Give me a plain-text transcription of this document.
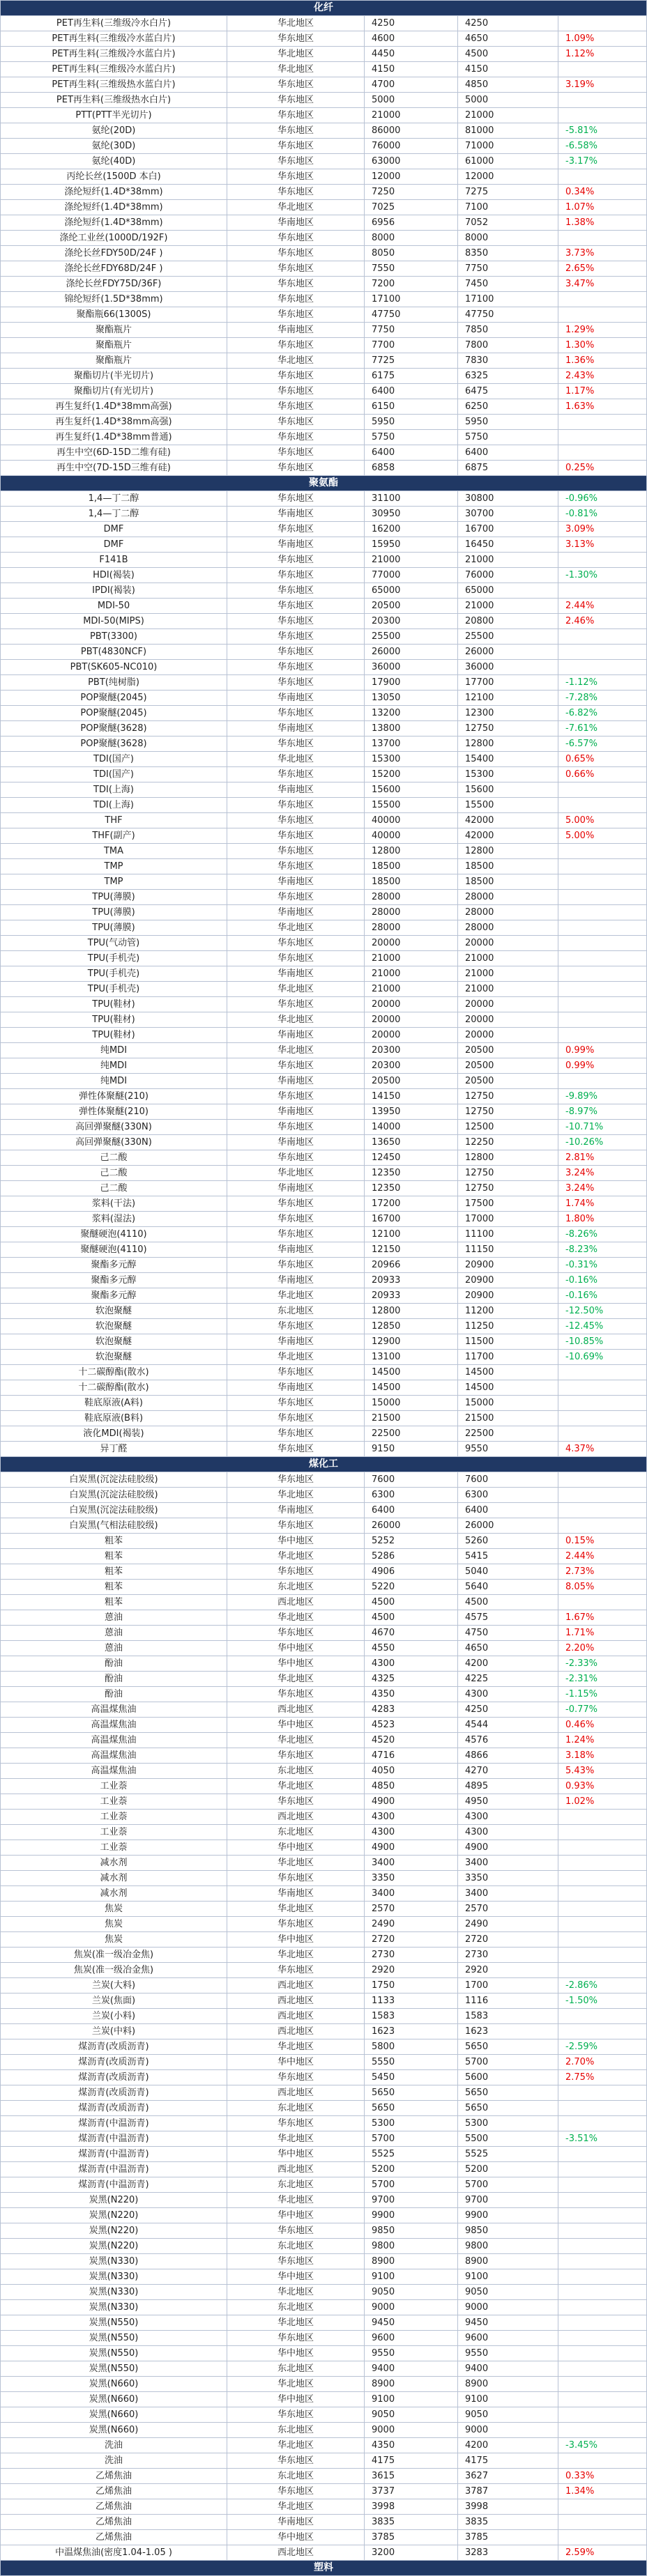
化纤				
PET再生料(三维级冷水白片)	华北地区	4250	4250	
PET再生料(三维级冷水蓝白片)	华东地区	4600	4650	1.09%
PET再生料(三维级冷水蓝白片)	华北地区	4450	4500	1.12%
PET再生料(三维级冷水蓝白片)	华北地区	4150	4150	
PET再生料(三维级热水蓝白片)	华东地区	4700	4850	3.19%
PET再生料(三维级热水白片)	华东地区	5000	5000	
PTT(PTT半光切片)	华东地区	21000	21000	
氨纶(20D)	华东地区	86000	81000	-5.81%
氨纶(30D)	华东地区	76000	71000	-6.58%
氨纶(40D)	华东地区	63000	61000	-3.17%
丙纶长丝(1500D 本白)	华东地区	12000	12000	
涤纶短纤(1.4D*38mm)	华东地区	7250	7275	0.34%
涤纶短纤(1.4D*38mm)	华北地区	7025	7100	1.07%
涤纶短纤(1.4D*38mm)	华南地区	6956	7052	1.38%
涤纶工业丝(1000D/192F)	华东地区	8000	8000	
涤纶长丝FDY50D/24F )	华东地区	8050	8350	3.73%
涤纶长丝FDY68D/24F )	华东地区	7550	7750	2.65%
涤纶长丝FDY75D/36F)	华东地区	7200	7450	3.47%
锦纶短纤(1.5D*38mm)	华东地区	17100	17100	
聚酯瓶66(1300S)	华东地区	47750	47750	
聚酯瓶片	华南地区	7750	7850	1.29%
聚酯瓶片	华东地区	7700	7800	1.30%
聚酯瓶片	华北地区	7725	7830	1.36%
聚酯切片(半光切片)	华东地区	6175	6325	2.43%
聚酯切片(有光切片)	华东地区	6400	6475	1.17%
再生复纤(1.4D*38mm高强)	华东地区	6150	6250	1.63%
再生复纤(1.4D*38mm高强)	华东地区	5950	5950	
再生复纤(1.4D*38mm普通)	华东地区	5750	5750	
再生中空(6D-15D二维有硅)	华东地区	6400	6400	
再生中空(7D-15D三维有硅)	华东地区	6858	6875	0.25%
聚氨酯				
1,4—丁二醇	华东地区	31100	30800	-0.96%
1,4—丁二醇	华南地区	30950	30700	-0.81%
DMF	华东地区	16200	16700	3.09%
DMF	华南地区	15950	16450	3.13%
F141B	华东地区	21000	21000	
HDI(褐装)	华东地区	77000	76000	-1.30%
IPDI(褐装)	华东地区	65000	65000	
MDI-50	华东地区	20500	21000	2.44%
MDI-50(MIPS)	华东地区	20300	20800	2.46%
PBT(3300)	华东地区	25500	25500	
PBT(4830NCF)	华东地区	26000	26000	
PBT(SK605-NC010)	华东地区	36000	36000	
PBT(纯树脂)	华东地区	17900	17700	-1.12%
POP聚醚(2045)	华南地区	13050	12100	-7.28%
POP聚醚(2045)	华东地区	13200	12300	-6.82%
POP聚醚(3628)	华南地区	13800	12750	-7.61%
POP聚醚(3628)	华东地区	13700	12800	-6.57%
TDI(国产)	华北地区	15300	15400	0.65%
TDI(国产)	华东地区	15200	15300	0.66%
TDI(上海)	华南地区	15600	15600	
TDI(上海)	华东地区	15500	15500	
THF	华东地区	40000	42000	5.00%
THF(副产)	华东地区	40000	42000	5.00%
TMA	华东地区	12800	12800	
TMP	华东地区	18500	18500	
TMP	华南地区	18500	18500	
TPU(薄膜)	华东地区	28000	28000	
TPU(薄膜)	华南地区	28000	28000	
TPU(薄膜)	华北地区	28000	28000	
TPU(气动管)	华东地区	20000	20000	
TPU(手机壳)	华东地区	21000	21000	
TPU(手机壳)	华南地区	21000	21000	
TPU(手机壳)	华北地区	21000	21000	
TPU(鞋材)	华东地区	20000	20000	
TPU(鞋材)	华北地区	20000	20000	
TPU(鞋材)	华南地区	20000	20000	
纯MDI	华北地区	20300	20500	0.99%
纯MDI	华东地区	20300	20500	0.99%
纯MDI	华南地区	20500	20500	
弹性体聚醚(210)	华东地区	14150	12750	-9.89%
弹性体聚醚(210)	华南地区	13950	12750	-8.97%
高回弹聚醚(330N)	华东地区	14000	12500	-10.71%
高回弹聚醚(330N)	华南地区	13650	12250	-10.26%
己二酸	华东地区	12450	12800	2.81%
己二酸	华北地区	12350	12750	3.24%
己二酸	华南地区	12350	12750	3.24%
浆料(干法)	华东地区	17200	17500	1.74%
浆料(湿法)	华东地区	16700	17000	1.80%
聚醚硬泡(4110)	华东地区	12100	11100	-8.26%
聚醚硬泡(4110)	华南地区	12150	11150	-8.23%
聚酯多元醇	华东地区	20966	20900	-0.31%
聚酯多元醇	华南地区	20933	20900	-0.16%
聚酯多元醇	华北地区	20933	20900	-0.16%
软泡聚醚	东北地区	12800	11200	-12.50%
软泡聚醚	华东地区	12850	11250	-12.45%
软泡聚醚	华南地区	12900	11500	-10.85%
软泡聚醚	华北地区	13100	11700	-10.69%
十二碳醇酯(散水)	华东地区	14500	14500	
十二碳醇酯(散水)	华南地区	14500	14500	
鞋底原液(A料)	华东地区	15000	15000	
鞋底原液(B料)	华东地区	21500	21500	
液化MDI(褐装)	华东地区	22500	22500	
异丁醛	华东地区	9150	9550	4.37%
煤化工				
白炭黑(沉淀法硅胶级)	华东地区	7600	7600	
白炭黑(沉淀法硅胶级)	华北地区	6300	6300	
白炭黑(沉淀法硅胶级)	华南地区	6400	6400	
白炭黑(气相法硅胶级)	华东地区	26000	26000	
粗苯	华中地区	5252	5260	0.15%
粗苯	华北地区	5286	5415	2.44%
粗苯	华东地区	4906	5040	2.73%
粗苯	东北地区	5220	5640	8.05%
粗苯	西北地区	4500	4500	
蒽油	华北地区	4500	4575	1.67%
蒽油	华东地区	4670	4750	1.71%
蒽油	华中地区	4550	4650	2.20%
酚油	华中地区	4300	4200	-2.33%
酚油	华北地区	4325	4225	-2.31%
酚油	华东地区	4350	4300	-1.15%
高温煤焦油	西北地区	4283	4250	-0.77%
高温煤焦油	华中地区	4523	4544	0.46%
高温煤焦油	华北地区	4520	4576	1.24%
高温煤焦油	华东地区	4716	4866	3.18%
高温煤焦油	东北地区	4050	4270	5.43%
工业萘	华北地区	4850	4895	0.93%
工业萘	华东地区	4900	4950	1.02%
工业萘	西北地区	4300	4300	
工业萘	东北地区	4300	4300	
工业萘	华中地区	4900	4900	
减水剂	华北地区	3400	3400	
减水剂	华东地区	3350	3350	
减水剂	华南地区	3400	3400	
焦炭	华北地区	2570	2570	
焦炭	华东地区	2490	2490	
焦炭	华中地区	2720	2720	
焦炭(准一级冶金焦)	华北地区	2730	2730	
焦炭(准一级冶金焦)	华东地区	2920	2920	
兰炭(大料)	西北地区	1750	1700	-2.86%
兰炭(焦面)	西北地区	1133	1116	-1.50%
兰炭(小料)	西北地区	1583	1583	
兰炭(中料)	西北地区	1623	1623	
煤沥青(改质沥青)	华北地区	5800	5650	-2.59%
煤沥青(改质沥青)	华中地区	5550	5700	2.70%
煤沥青(改质沥青)	华东地区	5450	5600	2.75%
煤沥青(改质沥青)	西北地区	5650	5650	
煤沥青(改质沥青)	东北地区	5650	5650	
煤沥青(中温沥青)	华东地区	5300	5300	
煤沥青(中温沥青)	华北地区	5700	5500	-3.51%
煤沥青(中温沥青)	华中地区	5525	5525	
煤沥青(中温沥青)	西北地区	5200	5200	
煤沥青(中温沥青)	东北地区	5700	5700	
炭黑(N220)	华北地区	9700	9700	
炭黑(N220)	华中地区	9900	9900	
炭黑(N220)	华东地区	9850	9850	
炭黑(N220)	东北地区	9800	9800	
炭黑(N330)	华东地区	8900	8900	
炭黑(N330)	华中地区	9100	9100	
炭黑(N330)	华北地区	9050	9050	
炭黑(N330)	东北地区	9000	9000	
炭黑(N550)	华北地区	9450	9450	
炭黑(N550)	华东地区	9600	9600	
炭黑(N550)	华中地区	9550	9550	
炭黑(N550)	东北地区	9400	9400	
炭黑(N660)	华北地区	8900	8900	
炭黑(N660)	华中地区	9100	9100	
炭黑(N660)	华东地区	9050	9050	
炭黑(N660)	东北地区	9000	9000	
洗油	华北地区	4350	4200	-3.45%
洗油	华东地区	4175	4175	
乙烯焦油	东北地区	3615	3627	0.33%
乙烯焦油	华东地区	3737	3787	1.34%
乙烯焦油	华北地区	3998	3998	
乙烯焦油	华南地区	3835	3835	
乙烯焦油	华中地区	3785	3785	
中温煤焦油(密度1.04-1.05 )	西北地区	3200	3283	2.59%
塑料				
